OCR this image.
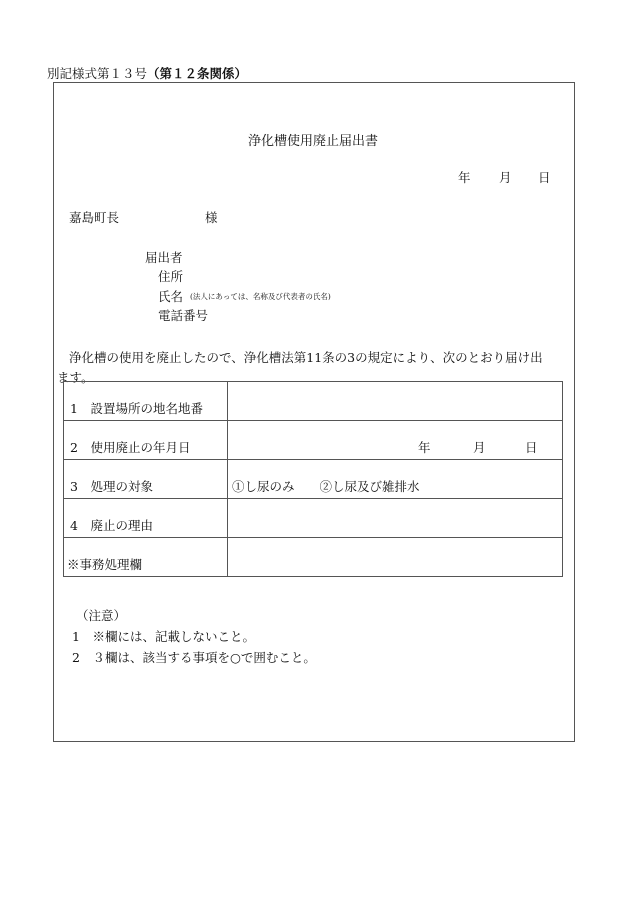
別記様式第１３号（第１２条関係）
浄化槽使用廃止届出書
年 月 日
嘉島町長	様
届出者
住所
氏名 (法人にあっては、名称及び代表者の氏名)
電話番号
浄化槽の使用を廃止したので、浄化槽法第11条の3の規定により、次のとおり届け出
ます。
1　設置場所の地名地番	
2　使用廃止の年月日	年 月 日

3　処理の対象	①し尿のみ　　②し尿及び雑排水
4　廃止の理由	
※事務処理欄	
（注意）
1　※欄には、記載しないこと。
2　３欄は、該当する事項を○で囲むこと。
